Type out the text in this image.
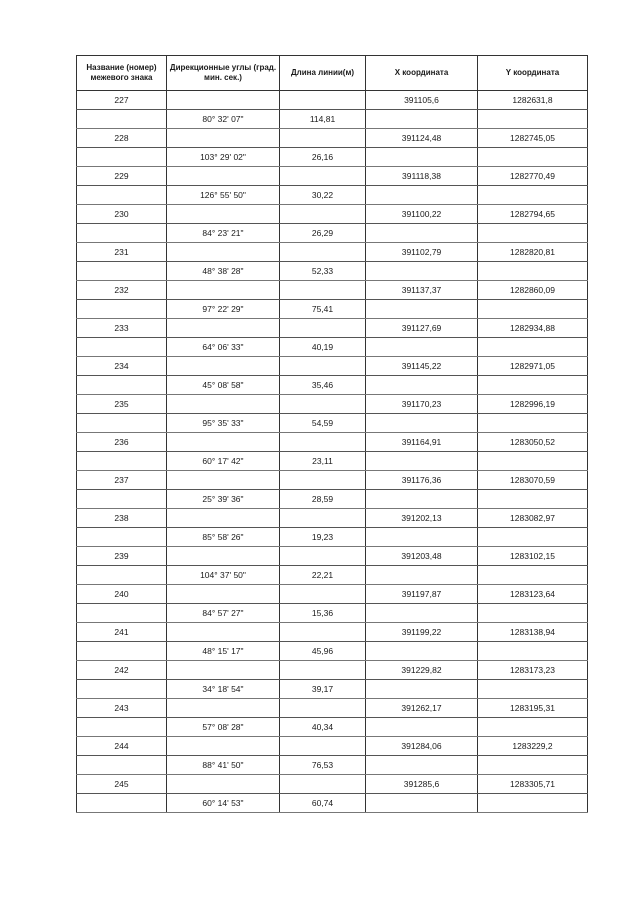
Название (номер) межевого знака	Дирекционные углы (град. мин. сек.)	Длина линии(м)	X координата	Y координата
227			391105,6	1282631,8
	80° 32' 07"	114,81		
228			391124,48	1282745,05
	103° 29' 02"	26,16		
229			391118,38	1282770,49
	126° 55' 50"	30,22		
230			391100,22	1282794,65
	84° 23' 21"	26,29		
231			391102,79	1282820,81
	48° 38' 28"	52,33		
232			391137,37	1282860,09
	97° 22' 29"	75,41		
233			391127,69	1282934,88
	64° 06' 33"	40,19		
234			391145,22	1282971,05
	45° 08' 58"	35,46		
235			391170,23	1282996,19
	95° 35' 33"	54,59		
236			391164,91	1283050,52
	60° 17' 42"	23,11		
237			391176,36	1283070,59
	25° 39' 36"	28,59		
238			391202,13	1283082,97
	85° 58' 26"	19,23		
239			391203,48	1283102,15
	104° 37' 50"	22,21		
240			391197,87	1283123,64
	84° 57' 27"	15,36		
241			391199,22	1283138,94
	48° 15' 17"	45,96		
242			391229,82	1283173,23
	34° 18' 54"	39,17		
243			391262,17	1283195,31
	57° 08' 28"	40,34		
244			391284,06	1283229,2
	88° 41' 50"	76,53		
245			391285,6	1283305,71
	60° 14' 53"	60,74		
